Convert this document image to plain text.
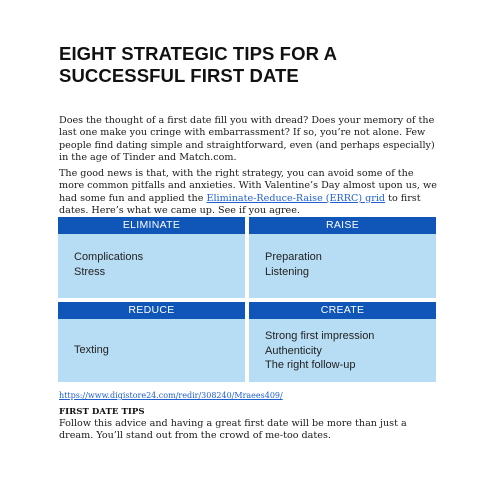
EIGHT STRATEGIC TIPS FOR A SUCCESSFUL FIRST DATE
Does the thought of a first date fill you with dread? Does your memory of the last one make you cringe with embarrassment? If so, you’re not alone. Few people find dating simple and straightforward, even (and perhaps especially) in the age of Tinder and Match.com.
The good news is that, with the right strategy, you can avoid some of the more common pitfalls and anxieties. With Valentine’s Day almost upon us, we had some fun and applied the Eliminate-Reduce-Raise (ERRC) grid to first dates. Here’s what we came up. See if you agree.
ELIMINATE
Complications
Stress
RAISE
Preparation
Listening
REDUCE
Texting
CREATE
Strong first impression
Authenticity
The right follow-up
https://www.digistore24.com/redir/308240/Mraees409/
FIRST DATE TIPS
Follow this advice and having a great first date will be more than just a dream. You’ll stand out from the crowd of me-too dates.
